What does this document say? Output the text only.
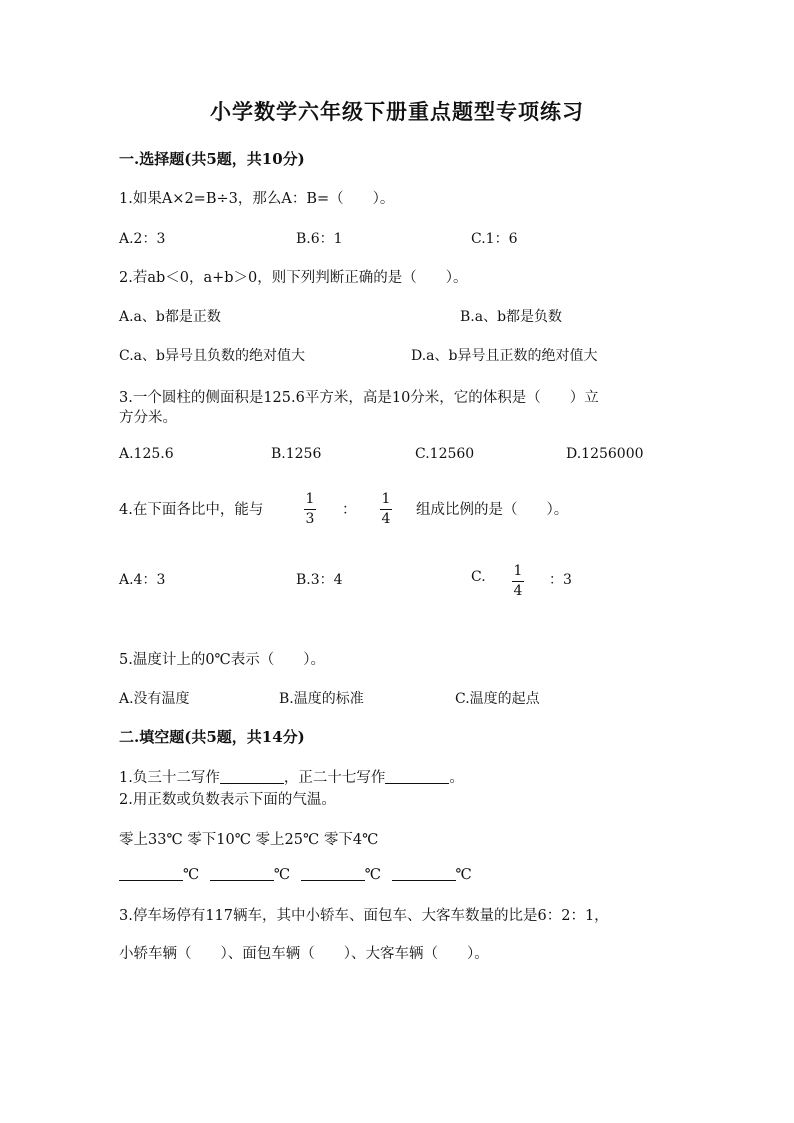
小学数学六年级下册重点题型专项练习
一.选择题(共5题，共10分)
1.如果A×2=B÷3，那么A：B=（　　）。
A.2：3	B.6：1	C.1：6
2.若ab＜0，a+b＞0，则下列判断正确的是（　　）。
A.a、b都是正数	B.a、b都是负数
C.a、b异号且负数的绝对值大	D.a、b异号且正数的绝对值大
3.一个圆柱的侧面积是125.6平方米，高是10分米，它的体积是（　　）立
方分米。
A.125.6	B.1256	C.12560	D.1256000
4.在下面各比中，能与
1
3
：
1
4
组成比例的是（　　）。
A.4：3	B.3：4	C. 1
4
：3
5.温度计上的0℃表示（　　）。
A.没有温度	B.温度的标准	C.温度的起点
二.填空题(共5题，共14分)
1.负三十二写作	，正二十七写作	。
2.用正数或负数表示下面的气温。
零上33℃ 零下10℃ 零上25℃ 零下4℃
℃	℃	℃	℃
3.停车场停有117辆车，其中小轿车、面包车、大客车数量的比是6：2：1，
小轿车辆（　　）、面包车辆（　　）、大客车辆（　　）。
